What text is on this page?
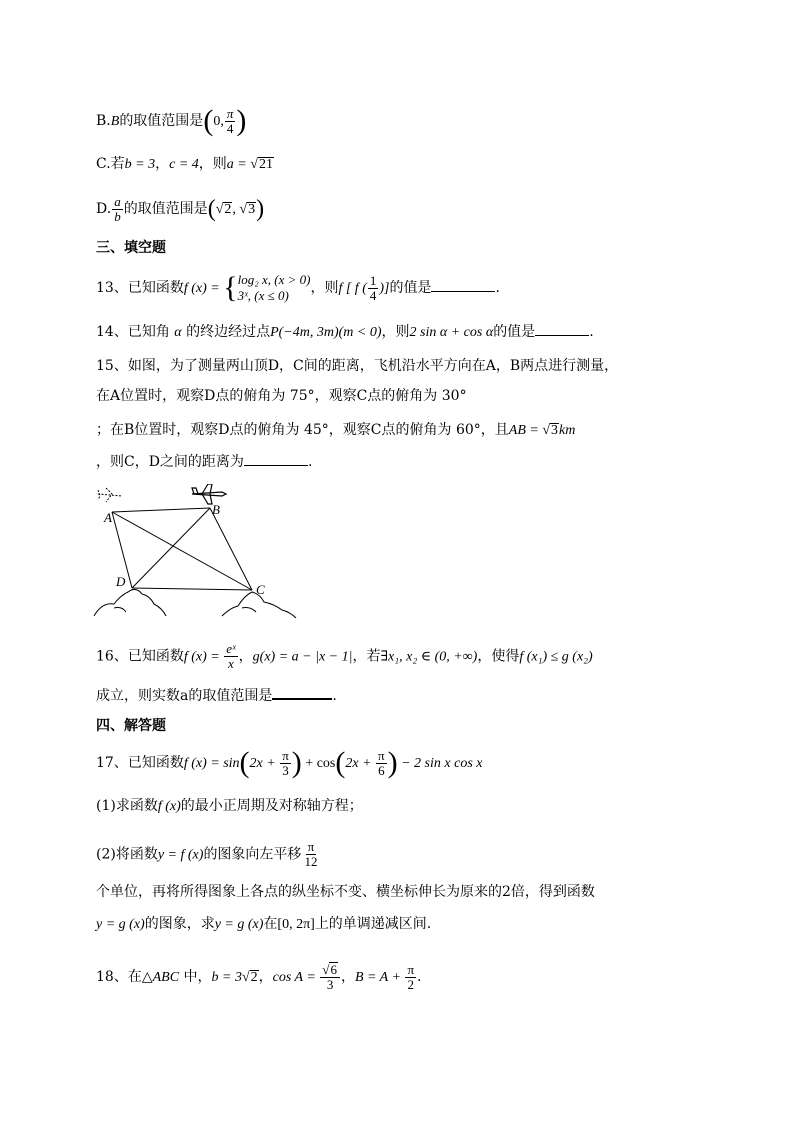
B.B的取值范围是(0, $\frac{\pi}{4}$ )
C.若b = 3，c = 4，则a = √21
D. $\frac{a}{b}$ 的取值范围是(√2, √3)
三、填空题
13、已知函数f (x) = { log₂ x, (x > 0)
3ˣ, (x ≤ 0)	，则f [ f ( $\frac{1}{4}$ )]的值是	.
14、已知角 α 的终边经过点P(−4m, 3m)(m < 0)，则2 sin α + cos α的值是	.
15、如图，为了测量两山顶D，C间的距离，飞机沿水平方向在A，B两点进行测量，
在A位置时，观察D点的俯角为 75°，观察C点的俯角为 30°
；在B位置时，观察D点的俯角为 45°，观察C点的俯角为 60°，且AB = √3km
，则C，D之间的距离为	.
A
B
C
D
16、已知函数f $(x) = \frac{\text{eˣ}}{x}$ ，g(x) = a − |x − 1|，若∃x₁, x₂ ∈ (0, +∞)，使得f (x₁) ≤ g (x₂)
成立，则实数a的取值范围是	.
四、解答题
17、已知函数f $(x) = \sin(2x + \frac{\pi}{3}$ ) + $\cos(2x + \frac{\pi}{6}$ ) − 2 sin x cos x
(1)求函数f (x)的最小正周期及对称轴方程；
(2)将函数y = f (x)的图象向左平移 $\frac{\pi}{12}$
个单位，再将所得图象上各点的纵坐标不变、横坐标伸长为原来的2倍，得到函数
y = g (x)的图象，求y = g (x)在[0, 2π]上的单调递减区间.
18、在△ABC 中，b = 3√2，$\cos A = \frac{√6}{3}$ ，$B = A + \frac{\pi}{2}$ .
